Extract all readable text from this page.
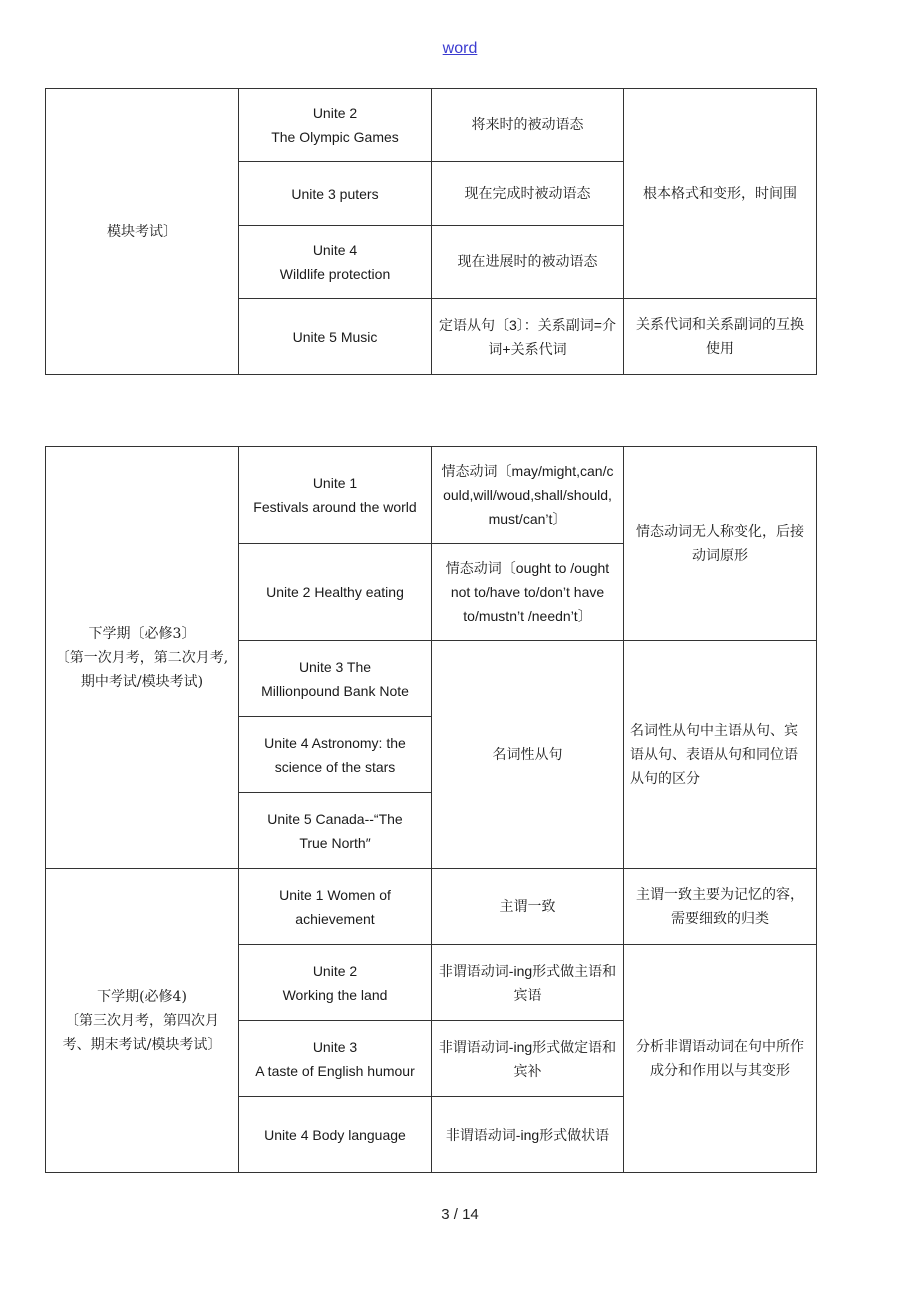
word
模块考试〕	Unite 2
The Olympic Games	将来时的被动语态	根本格式和变形，时间围

	Unite 3 puters	现在完成时被动语态	

	Unite 4
Wildlife protection	现在进展时的被动语态	

	Unite 5 Music	定语从句〔3〕：关系副词=介词+关系代词	关系代词和关系副词的互换使用
下学期〔必修3〕
〔第一次月考，第二次月考,期中考试/模块考试)	Unite 1
Festivals around the world	情态动词〔may/might,can/could,will/woud,shall/should,must/can’t〕	情态动词无人称变化，后接动词原形

	Unite 2 Healthy eating	情态动词〔ought to /ought not to/have to/don’t have to/mustn’t /needn’t〕	

	Unite 3 The
Millionpound Bank Note	名词性从句	名词性从句中主语从句、宾语从句、表语从句和同位语从句的区分

	Unite 4 Astronomy: the
science of the stars		

	Unite 5 Canada--“The
True North″		

下学期(必修4)
〔第三次月考，第四次月考、期末考试/模块考试〕	Unite 1 Women of
achievement	主谓一致	主谓一致主要为记忆的容，需要细致的归类

	Unite 2
Working the land	非谓语动词-ing形式做主语和宾语	分析非谓语动词在句中所作成分和作用以与其变形

	Unite 3
A taste of English humour	非谓语动词-ing形式做定语和宾补	

	Unite 4 Body language	非谓语动词-ing形式做状语	
3 / 14
